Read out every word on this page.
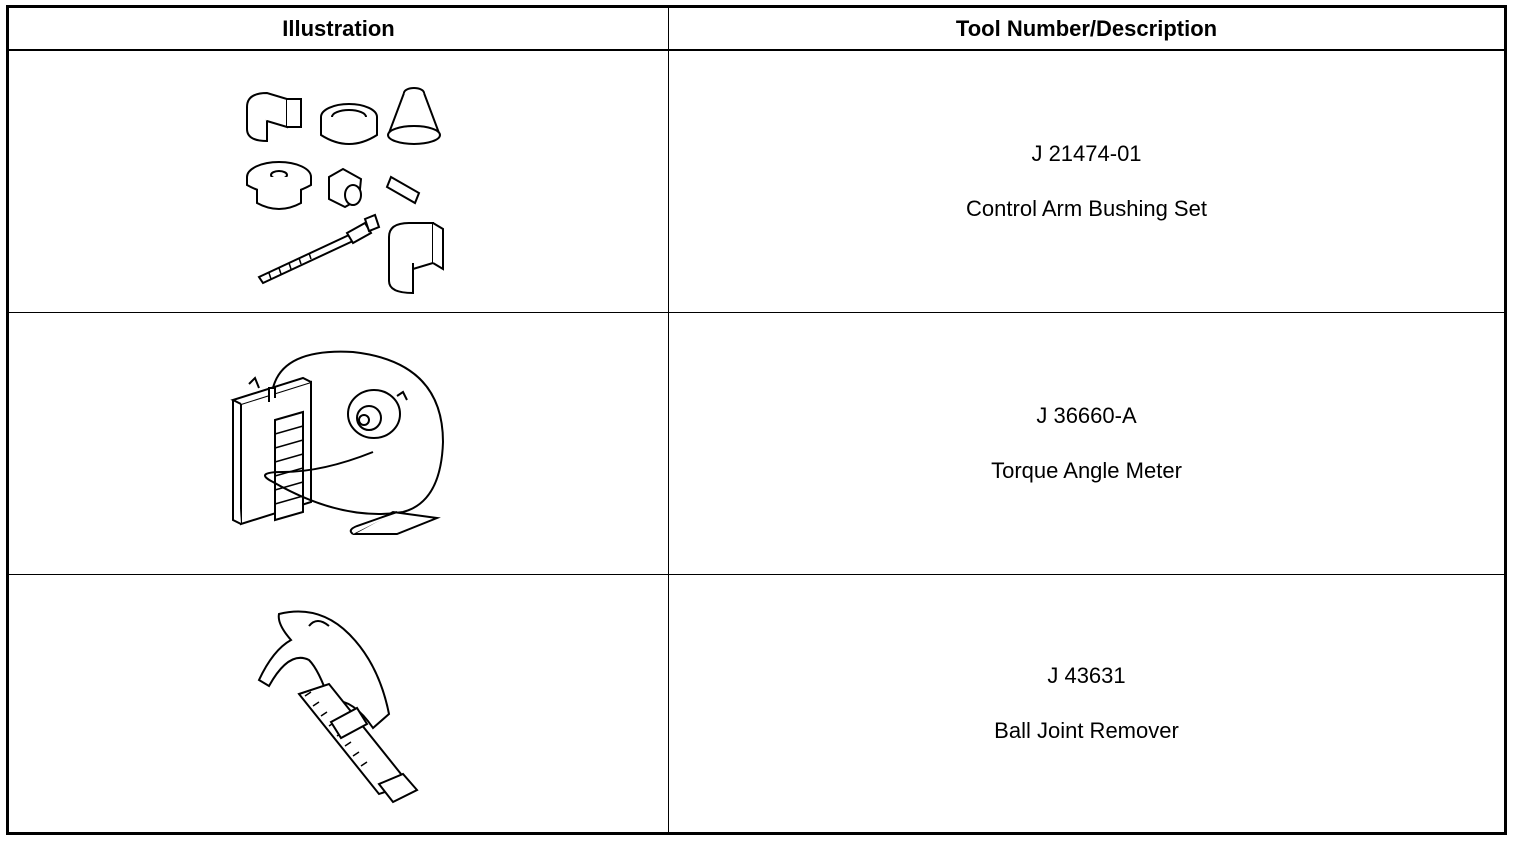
Illustration	Tool Number/Description
J 21474-01
Control Arm Bushing Set
J 36660-A
Torque Angle Meter
J 43631
Ball Joint Remover
